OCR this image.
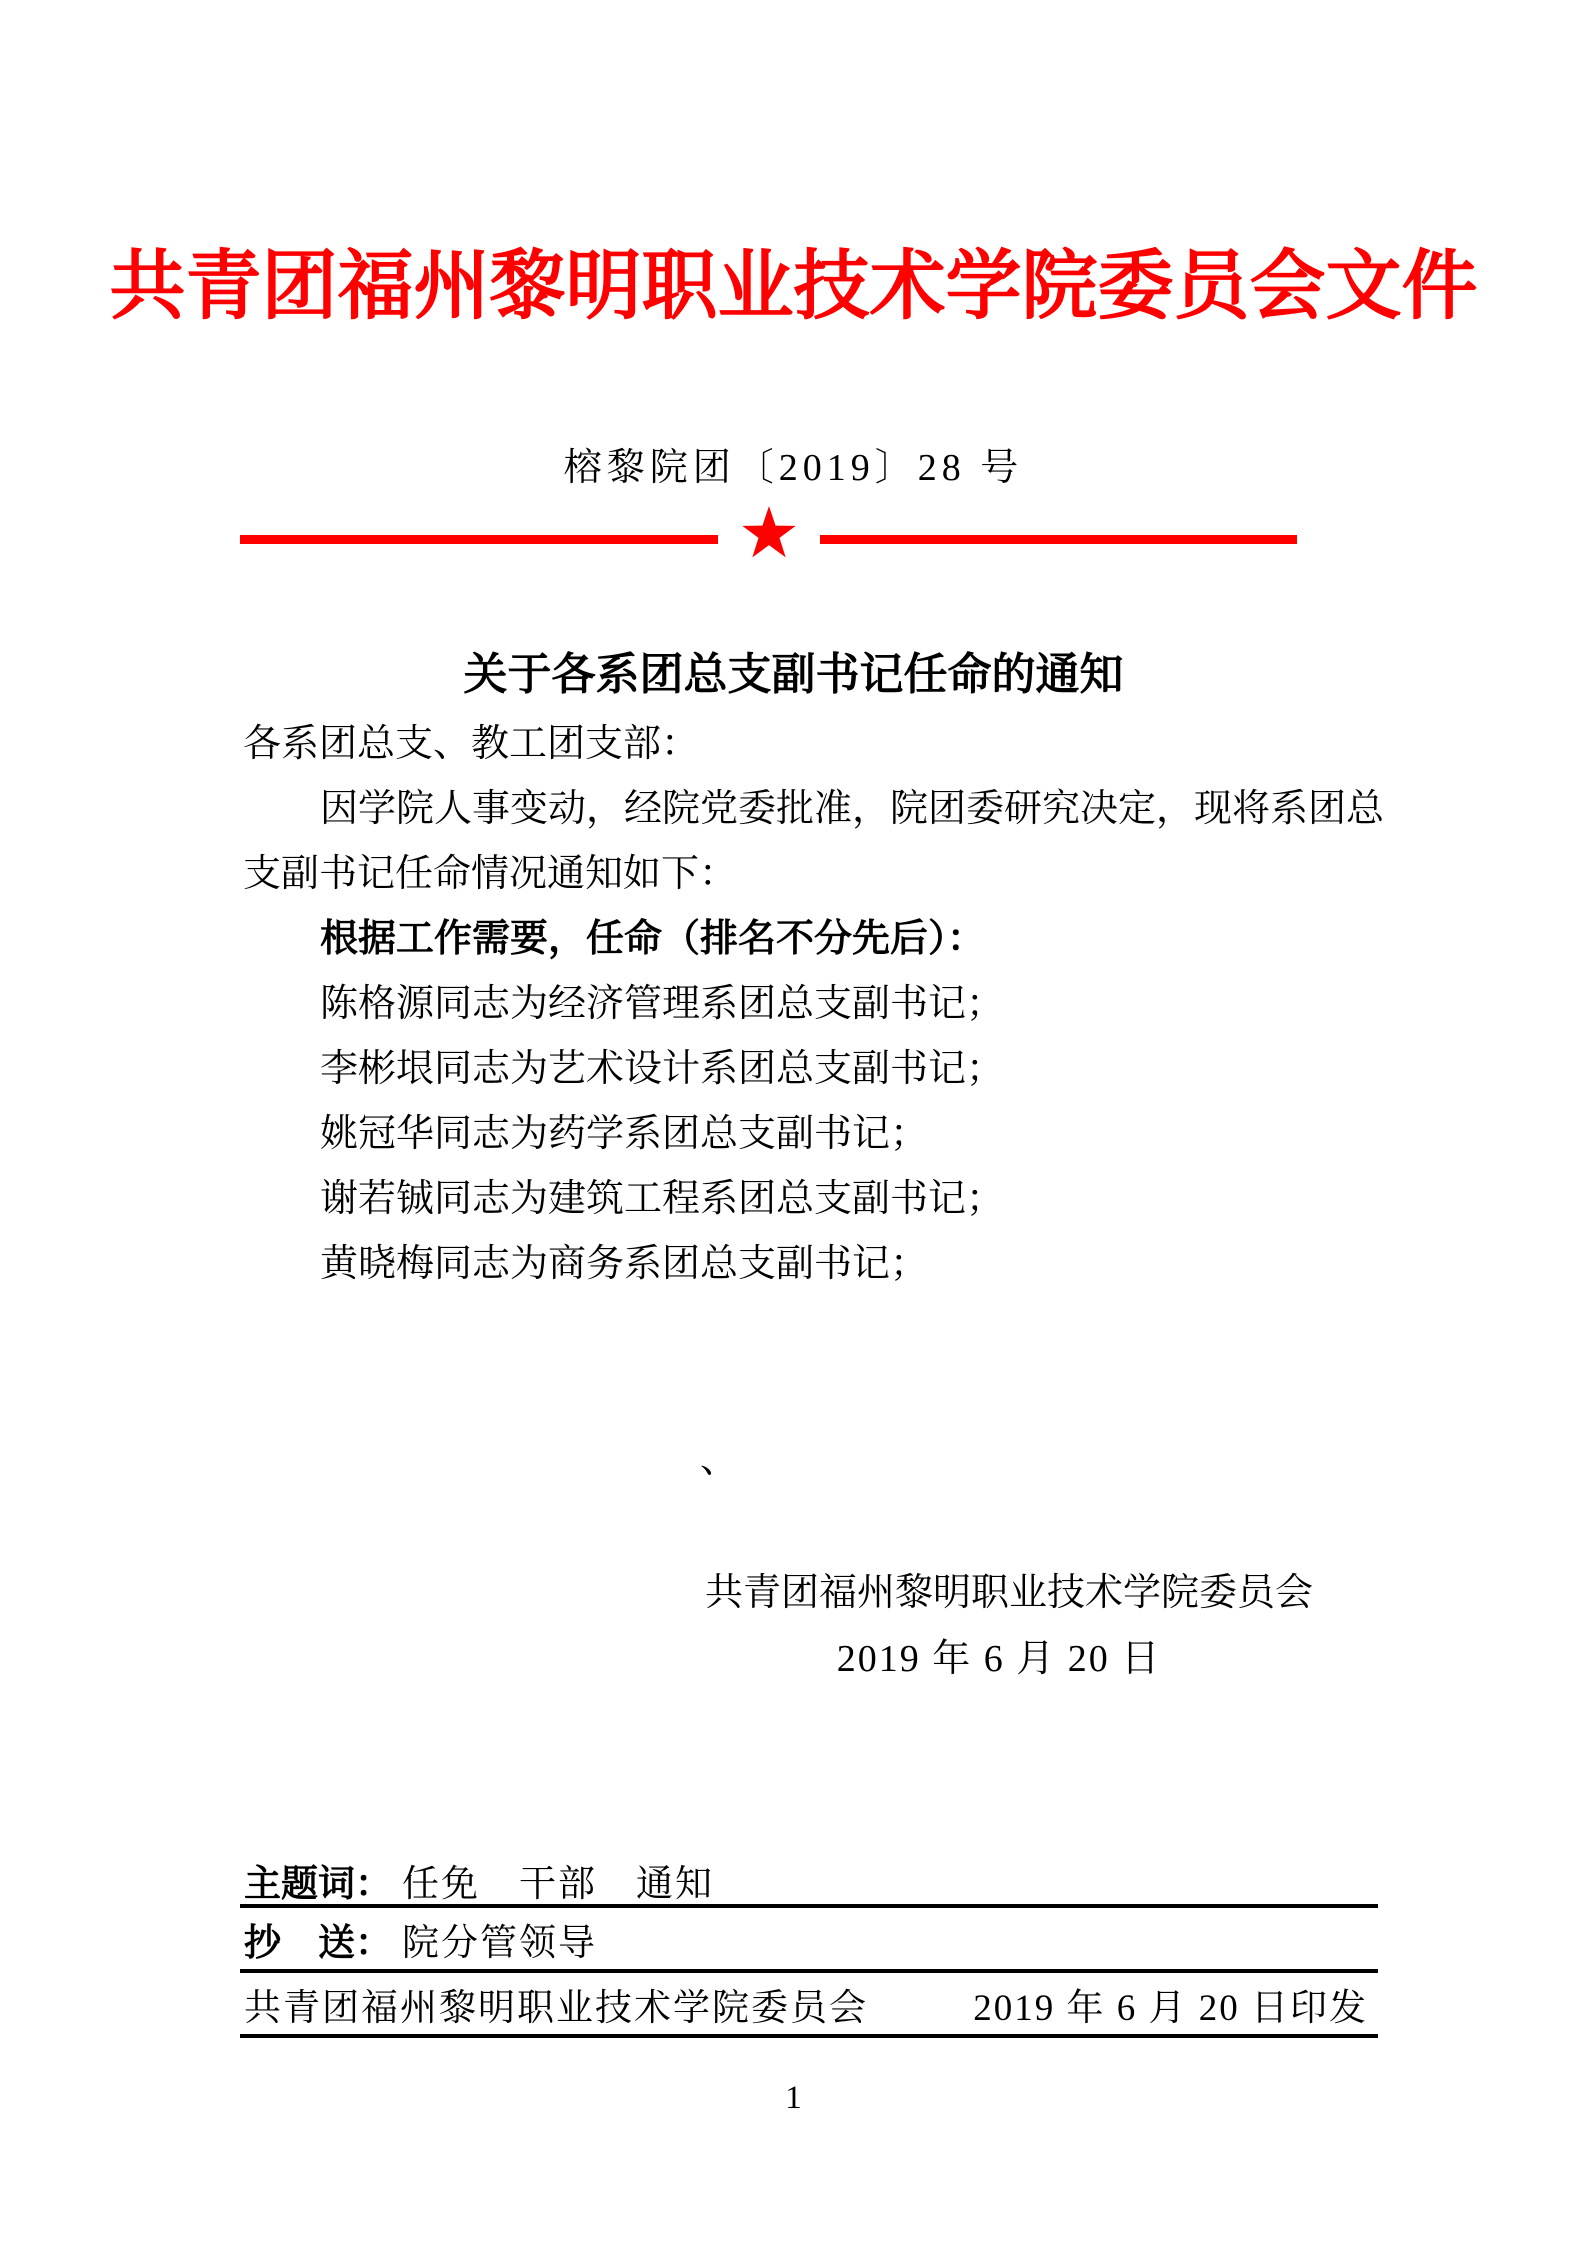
共青团福州黎明职业技术学院委员会文件
榕黎院团〔2019〕28 号
关于各系团总支副书记任命的通知
各系团总支、教工团支部：
因学院人事变动，经院党委批准，院团委研究决定，现将系团总
支副书记任命情况通知如下：
根据工作需要，任命（排名不分先后）：
陈格源同志为经济管理系团总支副书记；
李彬垠同志为艺术设计系团总支副书记；
姚冠华同志为药学系团总支副书记；
谢若铖同志为建筑工程系团总支副书记；
黄晓梅同志为商务系团总支副书记；
、
共青团福州黎明职业技术学院委员会
2019 年 6 月 20 日
主题词： 任免　干部　通知
抄　送： 院分管领导
共青团福州黎明职业技术学院委员会	2019 年 6 月 20 日印发
1
